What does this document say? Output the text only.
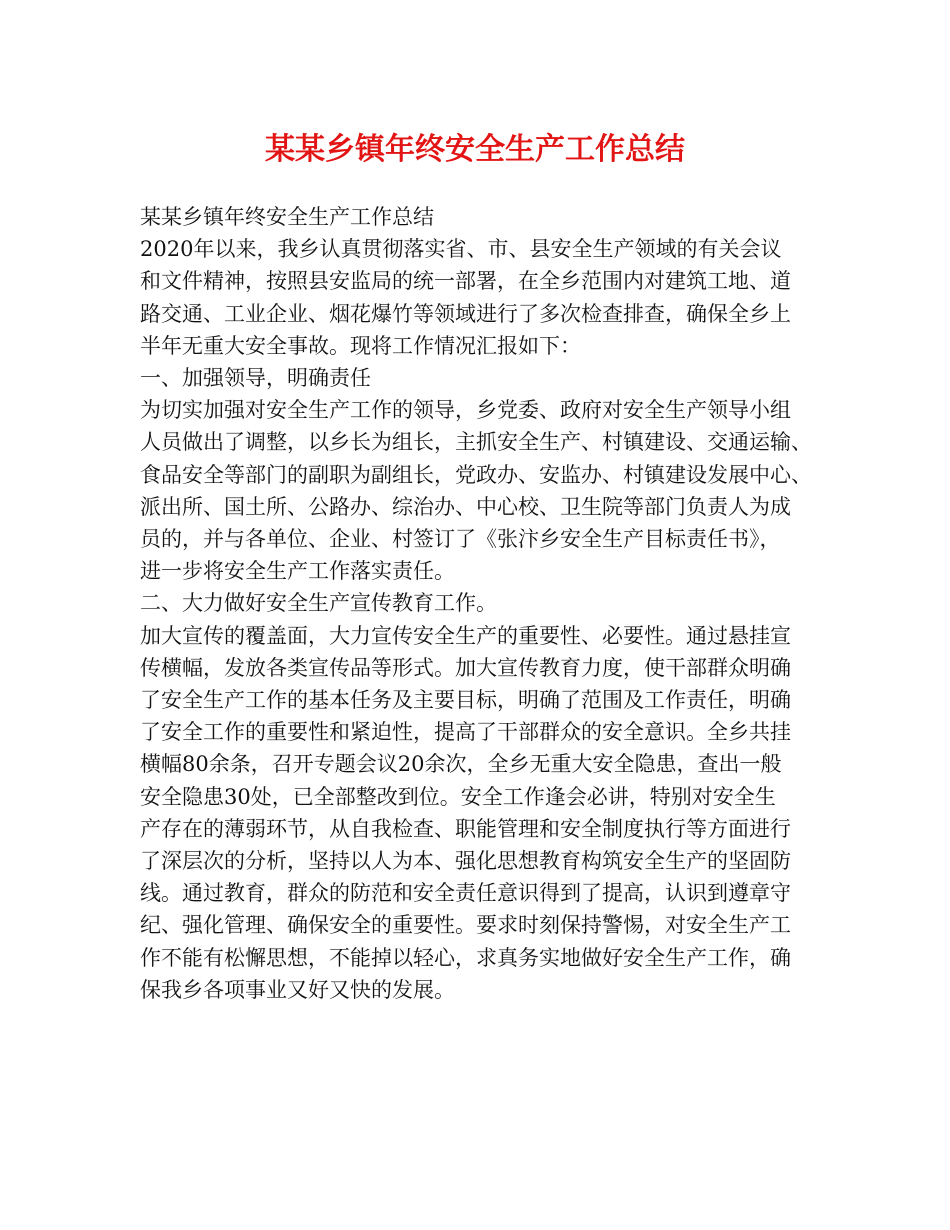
某某乡镇年终安全生产工作总结
某某乡镇年终安全生产工作总结
2020年以来，我乡认真贯彻落实省、市、县安全生产领域的有关会议
和文件精神，按照县安监局的统一部署，在全乡范围内对建筑工地、道
路交通、工业企业、烟花爆竹等领域进行了多次检查排查，确保全乡上
半年无重大安全事故。现将工作情况汇报如下：
一、加强领导，明确责任
为切实加强对安全生产工作的领导，乡党委、政府对安全生产领导小组
人员做出了调整，以乡长为组长，主抓安全生产、村镇建设、交通运输、
食品安全等部门的副职为副组长，党政办、安监办、村镇建设发展中心、
派出所、国土所、公路办、综治办、中心校、卫生院等部门负责人为成
员的，并与各单位、企业、村签订了《张汴乡安全生产目标责任书》，
进一步将安全生产工作落实责任。
二、大力做好安全生产宣传教育工作。
加大宣传的覆盖面，大力宣传安全生产的重要性、必要性。通过悬挂宣
传横幅，发放各类宣传品等形式。加大宣传教育力度，使干部群众明确
了安全生产工作的基本任务及主要目标，明确了范围及工作责任，明确
了安全工作的重要性和紧迫性，提高了干部群众的安全意识。全乡共挂
横幅80余条，召开专题会议20余次，全乡无重大安全隐患，查出一般
安全隐患30处，已全部整改到位。安全工作逢会必讲，特别对安全生
产存在的薄弱环节，从自我检查、职能管理和安全制度执行等方面进行
了深层次的分析，坚持以人为本、强化思想教育构筑安全生产的坚固防
线。通过教育，群众的防范和安全责任意识得到了提高，认识到遵章守
纪、强化管理、确保安全的重要性。要求时刻保持警惕，对安全生产工
作不能有松懈思想，不能掉以轻心，求真务实地做好安全生产工作，确
保我乡各项事业又好又快的发展。
